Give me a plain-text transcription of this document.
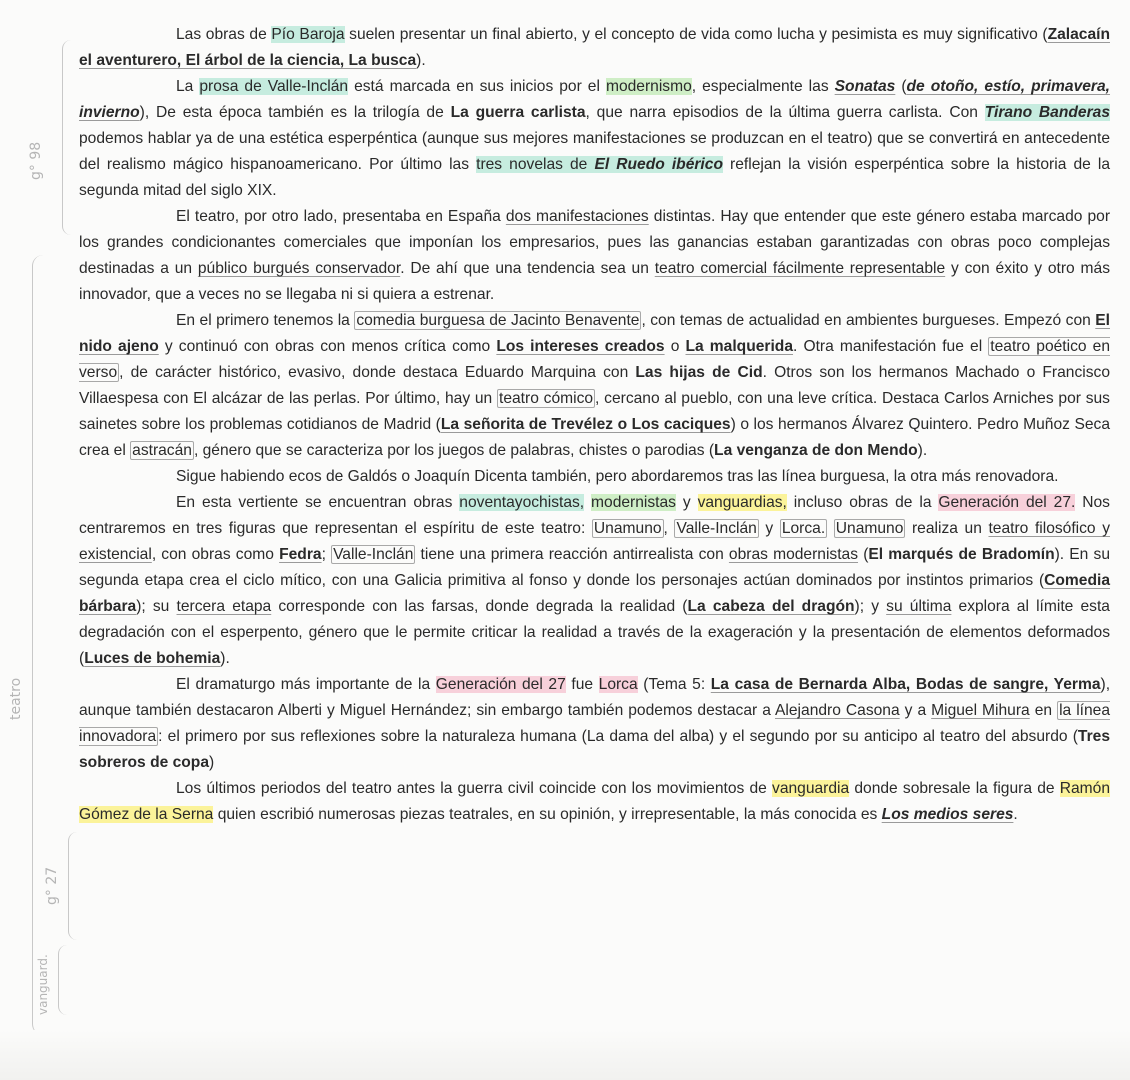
g° 98
teatro
g° 27
vanguard.

Las obras de Pío Baroja suelen presentar un final abierto, y el concepto de vida como lucha y pesimista es muy significativo (Zalacaín el aventurero, El árbol de la ciencia, La busca).

La prosa de Valle-Inclán está marcada en sus inicios por el modernismo, especialmente las Sonatas (de otoño, estío, primavera, invierno), De esta época también es la trilogía de La guerra carlista, que narra episodios de la última guerra carlista. Con Tirano Banderas podemos hablar ya de una estética esperpéntica (aunque sus mejores manifestaciones se produzcan en el teatro) que se convertirá en antecedente del realismo mágico hispanoamericano. Por último las tres novelas de El Ruedo ibérico reflejan la visión esperpéntica sobre la historia de la segunda mitad del siglo XIX.

El teatro, por otro lado, presentaba en España dos manifestaciones distintas. Hay que entender que este género estaba marcado por los grandes condicionantes comerciales que imponían los empresarios, pues las ganancias estaban garantizadas con obras poco complejas destinadas a un público burgués conservador. De ahí que una tendencia sea un teatro comercial fácilmente representable y con éxito y otro más innovador, que a veces no se llegaba ni si quiera a estrenar.

En el primero tenemos la comedia burguesa de Jacinto Benavente , con temas de actualidad en ambientes burgueses. Empezó con El nido ajeno y continuó con obras con menos crítica como Los intereses creados o La malquerida. Otra manifestación fue el teatro poético en verso , de carácter histórico, evasivo, donde destaca Eduardo Marquina con Las hijas de Cid. Otros son los hermanos Machado o Francisco Villaespesa con El alcázar de las perlas. Por último, hay un teatro cómico , cercano al pueblo, con una leve crítica. Destaca Carlos Arniches por sus sainetes sobre los problemas cotidianos de Madrid (La señorita de Trevélez o Los caciques) o los hermanos Álvarez Quintero. Pedro Muñoz Seca crea el astracán , género que se caracteriza por los juegos de palabras, chistes o parodias (La venganza de don Mendo).

Sigue habiendo ecos de Galdós o Joaquín Dicenta también, pero abordaremos tras las línea burguesa, la otra más renovadora.

En esta vertiente se encuentran obras noventayochistas, modernistas y vanguardias, incluso obras de la Generación del 27. Nos centraremos en tres figuras que representan el espíritu de este teatro: Unamuno , Valle-Inclán y Lorca. Unamuno realiza un teatro filosófico y existencial, con obras como Fedra; Valle-Inclán tiene una primera reacción antirrealista con obras modernistas (El marqués de Bradomín). En su segunda etapa crea el ciclo mítico, con una Galicia primitiva al fonso y donde los personajes actúan dominados por instintos primarios (Comedia bárbara); su tercera etapa corresponde con las farsas, donde degrada la realidad (La cabeza del dragón); y su última explora al límite esta degradación con el esperpento, género que le permite criticar la realidad a través de la exageración y la presentación de elementos deformados (Luces de bohemia).

El dramaturgo más importante de la Generación del 27 fue Lorca (Tema 5: La casa de Bernarda Alba, Bodas de sangre, Yerma), aunque también destacaron Alberti y Miguel Hernández; sin embargo también podemos destacar a Alejandro Casona y a Miguel Mihura en la línea innovadora : el primero por sus reflexiones sobre la naturaleza humana (La dama del alba) y el segundo por su anticipo al teatro del absurdo (Tres sobreros de copa)

Los últimos periodos del teatro antes la guerra civil coincide con los movimientos de vanguardia donde sobresale la figura de Ramón Gómez de la Serna quien escribió numerosas piezas teatrales, en su opinión, y irrepresentable, la más conocida es Los medios seres.
